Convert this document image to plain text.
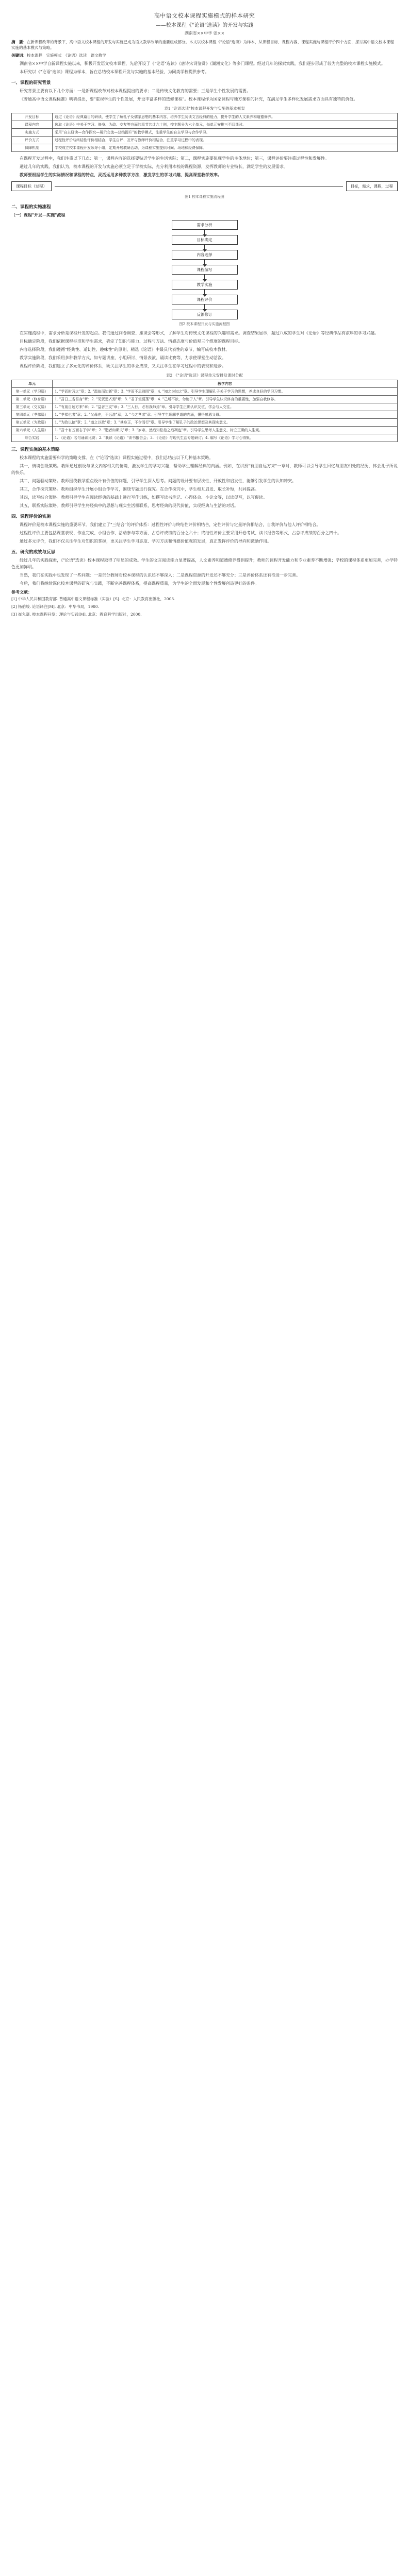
高中语文校本课程实施模式的样本研究
——校本课程《"论语"选读》的开发与实践
湖南省××中学 张××
摘　要：在新课程改革的背景下，高中语文校本课程的开发与实施已成为语文教学改革的重要组成部分。本文以校本课程《"论语"选读》为样本，从课程目标、课程内容、课程实施与课程评价四个方面，探讨高中语文校本课程实施的基本模式与策略。
关键词：校本课程　实施模式　《论语》选读　语文教学

湖南省××中学自新课程实施以来，积极开发语文校本课程，先后开设了《"论语"选读》《唐诗宋词鉴赏》《湖湘文化》等多门课程。经过几年的探索实践，我们逐步形成了较为完整的校本课程实施模式。

本研究以《"论语"选读》课程为样本，旨在总结校本课程开发与实施的基本经验，为同类学校提供参考。

一、课程的研究背景

研究背景主要有以下几个方面：一是新课程改革对校本课程提出的要求；二是传统文化教育的需要；三是学生个性发展的需要。

《普通高中语文课程标准》明确提出，要"重视学生的个性发展，开设丰富多样的选修课程"。校本课程作为国家课程与地方课程的补充，在满足学生多样化发展需求方面具有独特的价值。

表1 "论语选读"校本课程开发与实施的基本框架
开发目标	通过《论语》经典篇目的研读，使学生了解孔子及儒家思想的基本内容，培养学生阅读文言经典的能力，提升学生的人文素养和道德修养。
课程内容	选取《论语》中关于学习、修身、为政、交友等方面的章节共计六十则，按主题分为六个单元，每单元安排三至四课时。
实施方式	采用"自主研读—合作探究—展示交流—总结提升"的教学模式，注重学生的自主学习与合作学习。
评价方式	过程性评价与终结性评价相结合，学生自评、互评与教师评价相结合，注重学习过程中的表现。
保障机制	学校成立校本课程开发领导小组，定期开展教研活动，为课程实施提供时间、场地和经费保障。

在课程开发过程中，我们注重以下几点：第一，课程内容的选择要贴近学生的生活实际；第二，课程实施要体现学生的主体地位；第三，课程评价要注重过程性和发展性。

通过几年的实践，我们认为，校本课程的开发与实施必须立足于学校实际，充分利用本校的课程资源，发挥教师的专业特长，满足学生的发展需求。

教师要根据学生的实际情况和课程的特点，灵活运用多种教学方法，激发学生的学习兴趣，提高课堂教学效率。

课程目标（过程）	目标，需求，课程，过程
图1 校本课程实施流程图
二、课程的实施流程
（一）课程"开发—实施"流程
需求分析
目标确定
内容选择
课程编写
教学实施
课程评价
反馈修订
图2 校本课程开发与实施流程图

在实施流程中，需求分析是课程开发的起点。我们通过问卷调查、座谈会等形式，了解学生对传统文化课程的兴趣和需求。调查结果显示，超过八成的学生对《论语》等经典作品有浓厚的学习兴趣。

目标确定阶段，我们依据课程标准和学生需求，确定了知识与能力、过程与方法、情感态度与价值观三个维度的课程目标。

内容选择阶段，我们遵循"经典性、适切性、趣味性"的原则，精选《论语》中最具代表性的章节，编写成校本教材。

教学实施阶段，我们采用多种教学方式，如专题讲座、小组研讨、情景表演、诵读比赛等，力求使课堂生动活泼。

课程评价阶段，我们建立了多元化的评价体系，既关注学生的学业成绩，又关注学生在学习过程中的表现和进步。

表2 《"论语"选读》课程单元安排及课时分配
单元	教学内容
第一单元（学习篇）	1. "学而时习之"章；2. "温故而知新"章；3. "学而不思则罔"章；4. "知之为知之"章。引导学生理解孔子关于学习的思想，养成良好的学习习惯。
第二单元（修身篇）	1. "吾日三省吾身"章；2. "见贤思齐焉"章；3. "君子坦荡荡"章；4. "己所不欲，勿施于人"章。引导学生认识修身的重要性，加强自我修养。
第三单元（交友篇）	1. "有朋自远方来"章；2. "益者三友"章；3. "三人行，必有我师焉"章。引导学生正确认识友谊，学会与人交往。
第四单元（孝悌篇）	1. "孝悌也者"章；2. "父母在，不远游"章；3. "今之孝者"章。引导学生理解孝道的内涵，懂得感恩父母。
第五单元（为政篇）	1. "为政以德"章；2. "道之以政"章；3. "其身正，不令而行"章。引导学生了解孔子的政治思想及其现实意义。
第六单元（人生篇）	1. "吾十有五而志于学"章；2. "逝者如斯夫"章；3. "岁寒，然后知松柏之后凋也"章。引导学生思考人生意义，树立正确的人生观。
综合实践	1. 《论语》名句诵读比赛；2. "我读《论语》"读书报告会；3. 《论语》与现代生活专题研讨；4. 编写《论语》学习心得集。
三、课程实施的基本策略

校本课程的实施需要科学的策略支撑。在《"论语"选读》课程实施过程中，我们总结出以下几种基本策略。

其一，情境创设策略。教师通过创设与课文内容相关的情境，激发学生的学习兴趣，帮助学生理解经典的内涵。例如，在讲授"有朋自远方来"一章时，教师可以引导学生回忆与朋友相处的经历，体会孔子所说的快乐。

其二，问题驱动策略。教师围绕教学重点设计有价值的问题，引导学生深入思考。问题的设计要有层次性、开放性和启发性，能够引发学生的认知冲突。

其三，合作探究策略。教师组织学生开展小组合作学习，围绕专题进行探究。在合作探究中，学生相互启发、取长补短，共同提高。

其四，读写结合策略。教师引导学生在阅读经典的基础上进行写作训练，如撰写读书笔记、心得体会、小论文等，以读促写，以写促读。

其五，联系实际策略。教师引导学生将经典中的思想与现实生活相联系，思考经典的现代价值，实现经典与生活的对话。

四、课程评价的实施

课程评价是校本课程实施的重要环节。我们建立了"三结合"的评价体系：过程性评价与终结性评价相结合，定性评价与定量评价相结合，自我评价与他人评价相结合。

过程性评价主要包括课堂表现、作业完成、小组合作、活动参与等方面，占总评成绩的百分之六十；终结性评价主要采用开卷考试、读书报告等形式，占总评成绩的百分之四十。

通过多元评价，我们不仅关注学生对知识的掌握，更关注学生学习态度、学习方法和情感价值观的发展，真正发挥评价的导向和激励作用。

五、研究的成效与反思

经过几年的实践探索，《"论语"选读》校本课程取得了明显的成效。学生的文言阅读能力显著提高，人文素养和道德修养得到提升；教师的课程开发能力和专业素养不断增强；学校的课程体系更加完善，办学特色更加鲜明。

当然，我们在实践中也发现了一些问题：一是部分教师对校本课程的认识还不够深入；二是课程资源的开发还不够充分；三是评价体系还有待进一步完善。

今后，我们将继续深化校本课程的研究与实践，不断完善课程体系，提高课程质量，为学生的全面发展和个性发展创造更好的条件。

参考文献：
[1] 中华人民共和国教育部. 普通高中语文课程标准（实验）[S]. 北京：人民教育出版社，2003.
[2] 杨伯峻. 论语译注[M]. 北京：中华书局，1980.
[3] 崔允漷. 校本课程开发：理论与实践[M]. 北京：教育科学出版社，2000.
